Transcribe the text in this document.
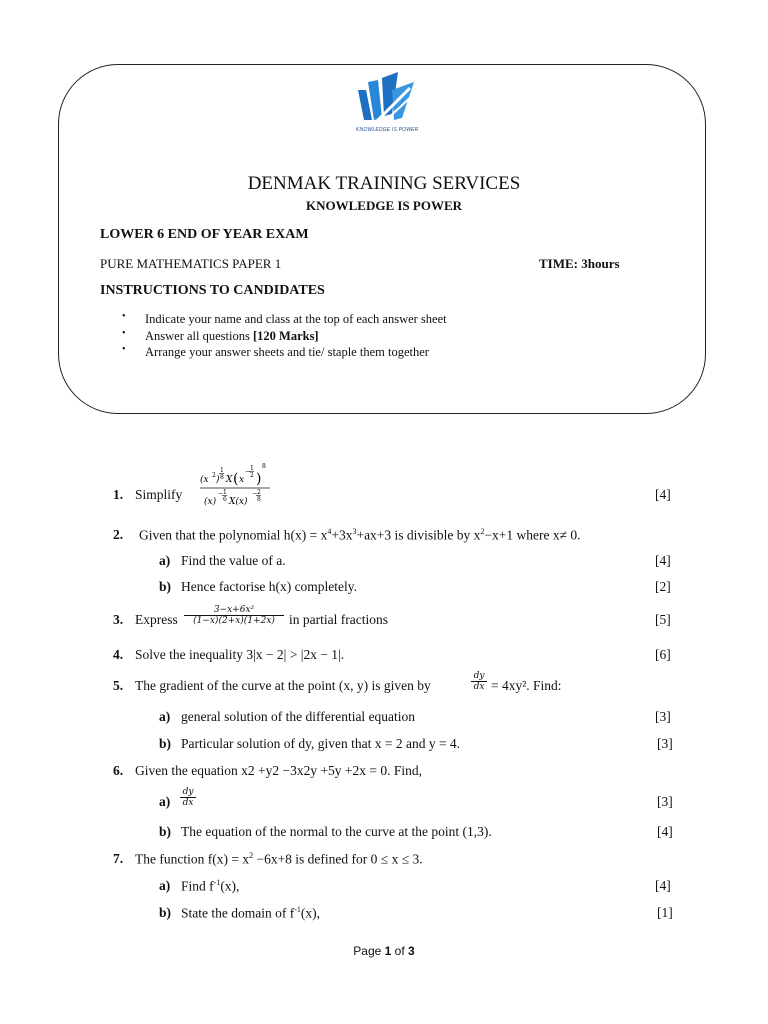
KNOWLEDGE IS POWER
DENMAK TRAINING SERVICES
KNOWLEDGE IS POWER
LOWER 6 END OF YEAR EXAM
PURE MATHEMATICS PAPER 1	TIME: 3hours
INSTRUCTIONS TO CANDIDATES
• Indicate your name and class at the top of each answer sheet
• Answer all questions [120 Marks]
• Arrange your answer sheets and tie/ staple them together
1. Simplify
(x 2 )
1
8 X ( x
− 1
2 )
8
(x)
− 1
6 X(x)
− 2
8	[4]
2. Given that the polynomial $h(x) = x^4+3x^3+ax+3$ is divisible by $x^2-x+1$ where x≠ 0.
a) Find the value of a.	[4]
b) Hence factorise h(x) completely.	[2]
3. Express
3−x+6x²
(1−x)(2+x)(1+2x)	in partial fractions	[5]
4. Solve the inequality 3|x − 2| > |2x − 1|.	[6]
5. The gradient of the curve at the point (x, y) is given by
dy
dx = 4xy². Find:
a) general solution of the differential equation	[3]
b) Particular solution of dy, given that x = 2 and y = 4.	[3]
6. Given the equation x2 +y2 −3x2y +5y +2x = 0. Find,
a)
dy
dx	[3]
b) The equation of the normal to the curve at the point (1,3).	[4]
7. The function $f(x) = x^2 -6x+8$ is defined for 0 ≤ x ≤ 3.
a) Find $f^{-1}(x)$,	[4]
b) State the domain of $f^{-1}(x)$,	[1]
Page 1 of 3
